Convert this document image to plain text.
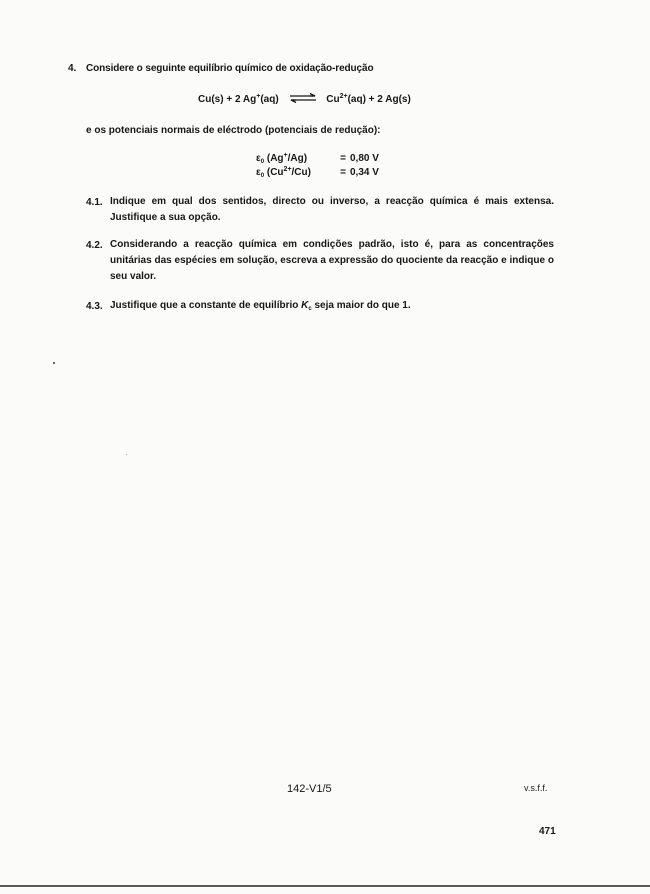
4. Considere o seguinte equilíbrio químico de oxidação-redução
Cu(s) + 2 Ag+(aq) ⇌ $Cu^{2+}(aq) + 2$ Ag(s)
e os potenciais normais de eléctrodo (potenciais de redução):
$\varepsilon_0$ (Ag+/Ag)	= 0,80 V
$\varepsilon_0$ $(Cu^{2+}/Cu)$	= 0,34 V
4.1. Indique em qual dos sentidos, directo ou inverso, a reacção química é mais extensa. Justifique a sua opção.
4.2. Considerando a reacção química em condições padrão, isto é, para as concentrações unitárias das espécies em solução, escreva a expressão do quociente da reacção e indique o seu valor.
4.3. Justifique que a constante de equilíbrio $K_c$ seja maior do que 1.
142-V1/5	v.s.f.f.
471
